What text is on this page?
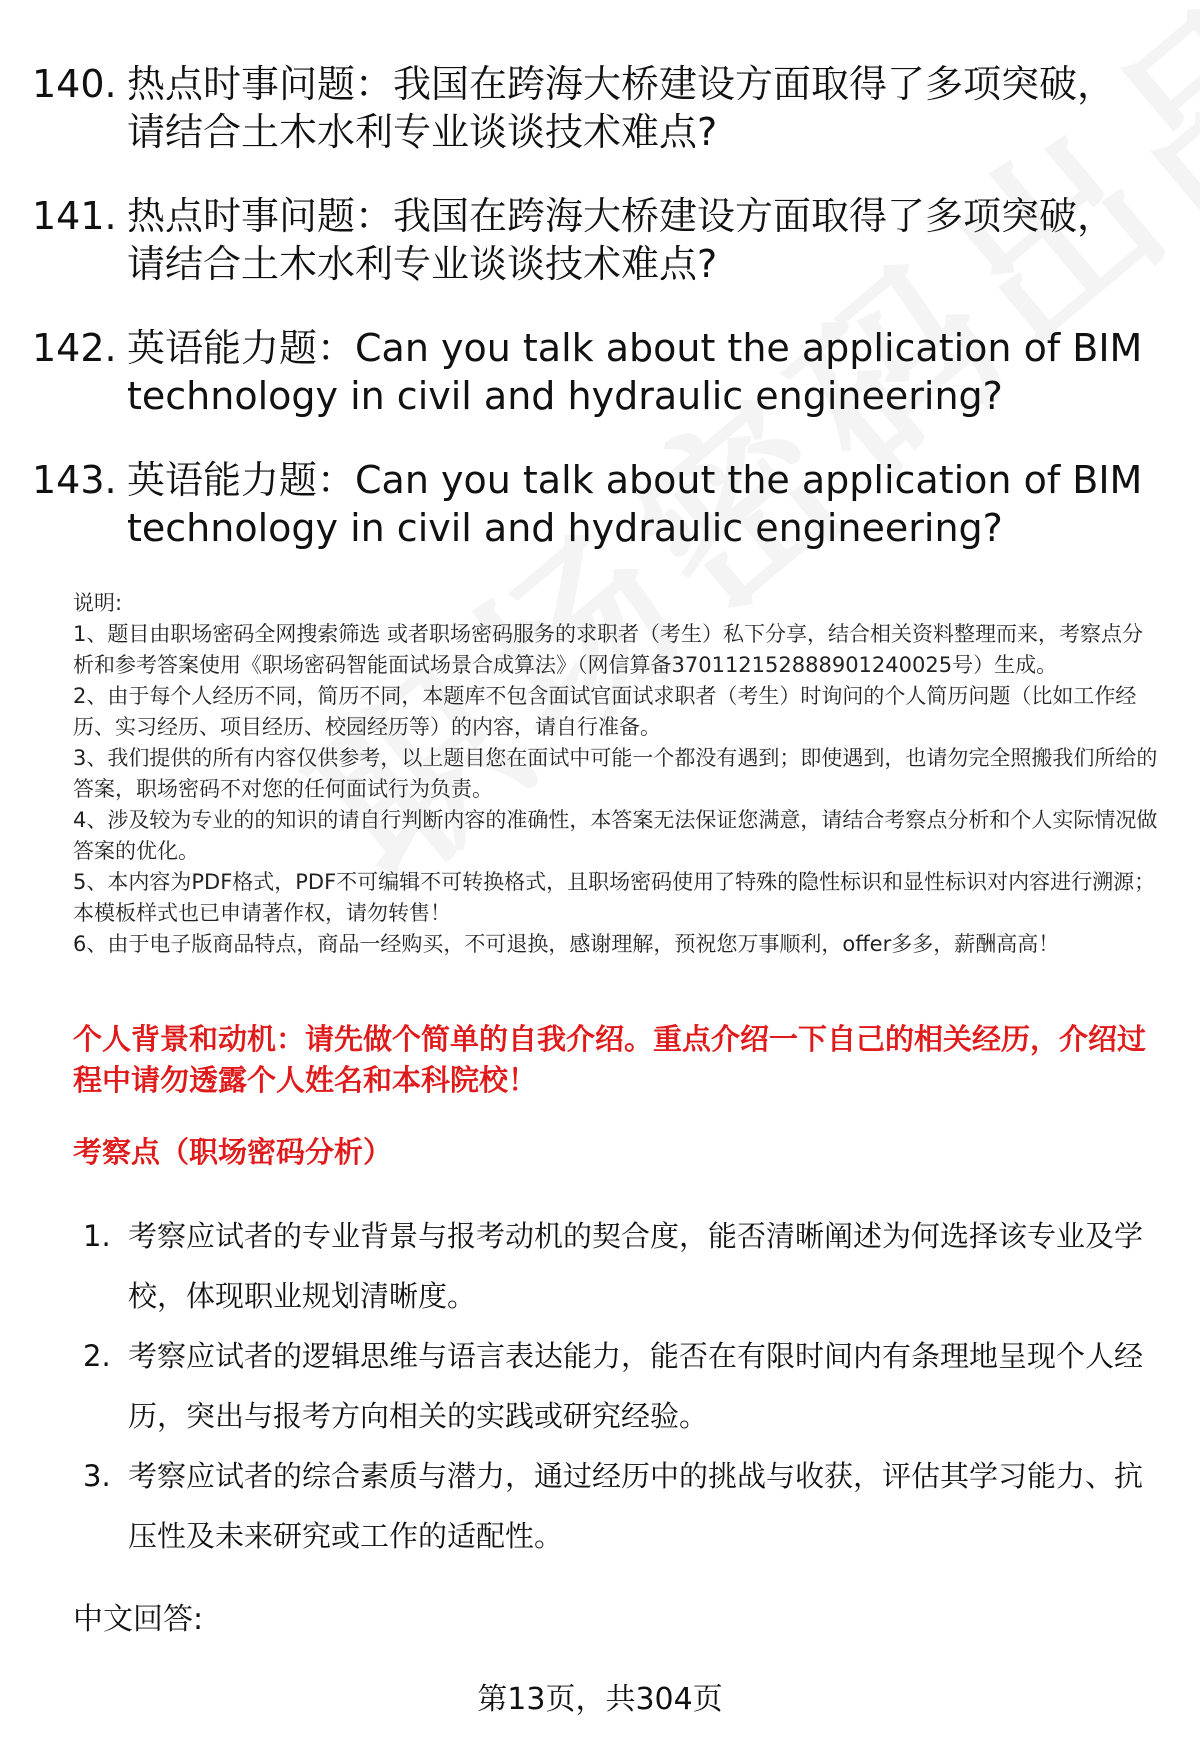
140. 热点时事问题：我国在跨海大桥建设方面取得了多项突破，请结合土木水利专业谈谈技术难点?
141. 热点时事问题：我国在跨海大桥建设方面取得了多项突破，请结合土木水利专业谈谈技术难点?
142. 英语能力题：Can you talk about the application of BIM technology in civil and hydraulic engineering?
143. 英语能力题：Can you talk about the application of BIM technology in civil and hydraulic engineering?

说明:

1、题目由职场密码全网搜索筛选 或者职场密码服务的求职者（考生）私下分享，结合相关资料整理而来，考察点分析和参考答案使用《职场密码智能面试场景合成算法》（网信算备370112152888901240025号）生成。

2、由于每个人经历不同，简历不同，本题库不包含面试官面试求职者（考生）时询问的个人简历问题（比如工作经历、实习经历、项目经历、校园经历等）的内容，请自行准备。

3、我们提供的所有内容仅供参考，以上题目您在面试中可能一个都没有遇到；即使遇到，也请勿完全照搬我们所给的答案，职场密码不对您的任何面试行为负责。

4、涉及较为专业的的知识的请自行判断内容的准确性，本答案无法保证您满意，请结合考察点分析和个人实际情况做答案的优化。

5、本内容为PDF格式，PDF不可编辑不可转换格式，且职场密码使用了特殊的隐性标识和显性标识对内容进行溯源；本模板样式也已申请著作权，请勿转售！

6、由于电子版商品特点，商品一经购买，不可退换，感谢理解，预祝您万事顺利，offer多多，薪酬高高！

个人背景和动机：请先做个简单的自我介绍。重点介绍一下自己的相关经历，介绍过程中请勿透露个人姓名和本科院校！
考察点（职场密码分析）
1. 考察应试者的专业背景与报考动机的契合度，能否清晰阐述为何选择该专业及学校，体现职业规划清晰度。
2. 考察应试者的逻辑思维与语言表达能力，能否在有限时间内有条理地呈现个人经历，突出与报考方向相关的实践或研究经验。
3. 考察应试者的综合素质与潜力，通过经历中的挑战与收获，评估其学习能力、抗压性及未来研究或工作的适配性。
中文回答:
第13页，共304页
